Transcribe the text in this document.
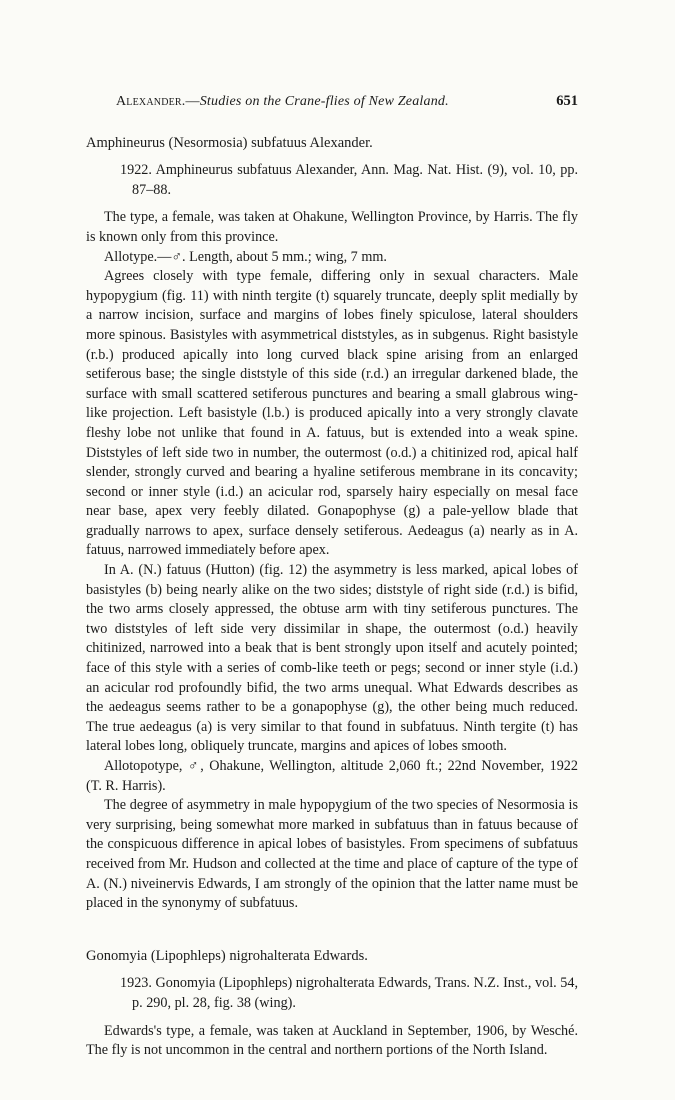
Alexander.—Studies on the Crane-flies of New Zealand.	651
Amphineurus (Nesormosia) subfatuus Alexander.

1922. Amphineurus subfatuus Alexander, Ann. Mag. Nat. Hist. (9), vol. 10, pp. 87–88.

The type, a female, was taken at Ohakune, Wellington Province, by Harris. The fly is known only from this province.

Allotype.—♂. Length, about 5 mm.; wing, 7 mm.

Agrees closely with type female, differing only in sexual characters. Male hypopygium (fig. 11) with ninth tergite (t) squarely truncate, deeply split medially by a narrow incision, surface and margins of lobes finely spiculose, lateral shoulders more spinous. Basistyles with asymmetrical diststyles, as in subgenus. Right basistyle (r.b.) produced apically into long curved black spine arising from an enlarged setiferous base; the single diststyle of this side (r.d.) an irregular darkened blade, the surface with small scattered setiferous punctures and bearing a small glabrous wing-like projection. Left basistyle (l.b.) is produced apically into a very strongly clavate fleshy lobe not unlike that found in A. fatuus, but is extended into a weak spine. Diststyles of left side two in number, the outermost (o.d.) a chitinized rod, apical half slender, strongly curved and bearing a hyaline setiferous membrane in its concavity; second or inner style (i.d.) an acicular rod, sparsely hairy especially on mesal face near base, apex very feebly dilated. Gonapophyse (g) a pale-yellow blade that gradually narrows to apex, surface densely setiferous. Aedeagus (a) nearly as in A. fatuus, narrowed immediately before apex.

In A. (N.) fatuus (Hutton) (fig. 12) the asymmetry is less marked, apical lobes of basistyles (b) being nearly alike on the two sides; diststyle of right side (r.d.) is bifid, the two arms closely appressed, the obtuse arm with tiny setiferous punctures. The two diststyles of left side very dissimilar in shape, the outermost (o.d.) heavily chitinized, narrowed into a beak that is bent strongly upon itself and acutely pointed; face of this style with a series of comb-like teeth or pegs; second or inner style (i.d.) an acicular rod profoundly bifid, the two arms unequal. What Edwards describes as the aedeagus seems rather to be a gonapophyse (g), the other being much reduced. The true aedeagus (a) is very similar to that found in subfatuus. Ninth tergite (t) has lateral lobes long, obliquely truncate, margins and apices of lobes smooth.

Allotopotype, ♂, Ohakune, Wellington, altitude 2,060 ft.; 22nd November, 1922 (T. R. Harris).

The degree of asymmetry in male hypopygium of the two species of Nesormosia is very surprising, being somewhat more marked in subfatuus than in fatuus because of the conspicuous difference in apical lobes of basistyles. From specimens of subfatuus received from Mr. Hudson and collected at the time and place of capture of the type of A. (N.) niveinervis Edwards, I am strongly of the opinion that the latter name must be placed in the synonymy of subfatuus.

Gonomyia (Lipophleps) nigrohalterata Edwards.

1923. Gonomyia (Lipophleps) nigrohalterata Edwards, Trans. N.Z. Inst., vol. 54, p. 290, pl. 28, fig. 38 (wing).

Edwards's type, a female, was taken at Auckland in September, 1906, by Wesché. The fly is not uncommon in the central and northern portions of the North Island.
